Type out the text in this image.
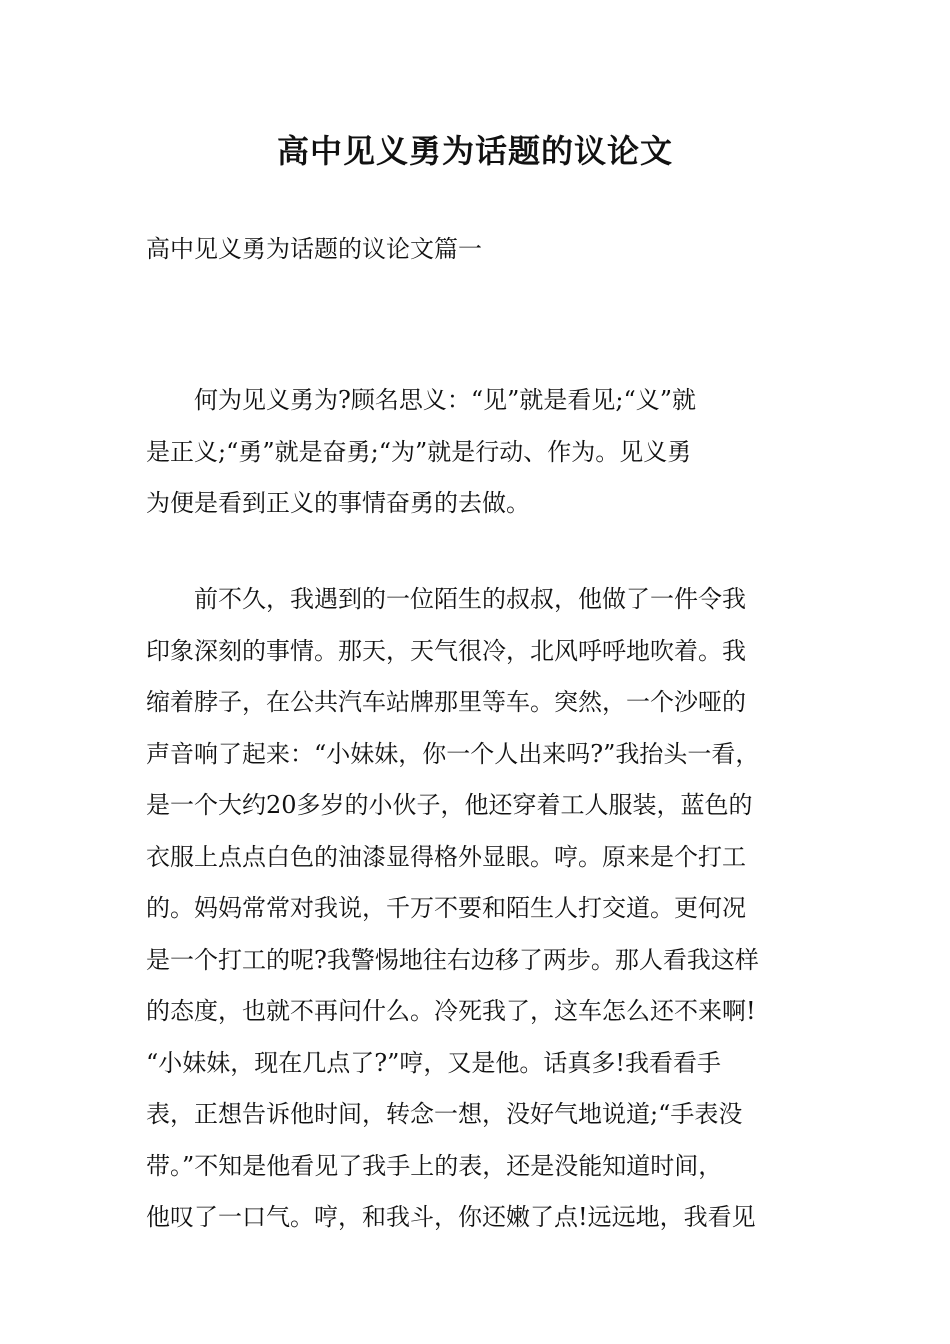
高中见义勇为话题的议论文
高中见义勇为话题的议论文篇一
　　何为见义勇为?顾名思义：“见”就是看见;“义”就
是正义;“勇”就是奋勇;“为”就是行动、作为。见义勇
为便是看到正义的事情奋勇的去做。
　　前不久，我遇到的一位陌生的叔叔，他做了一件令我
印象深刻的事情。那天，天气很冷，北风呼呼地吹着。我
缩着脖子，在公共汽车站牌那里等车。突然，一个沙哑的
声音响了起来：“小妹妹，你一个人出来吗?”我抬头一看，
是一个大约20多岁的小伙子，他还穿着工人服装，蓝色的
衣服上点点白色的油漆显得格外显眼。哼。原来是个打工
的。妈妈常常对我说，千万不要和陌生人打交道。更何况
是一个打工的呢?我警惕地往右边移了两步。那人看我这样
的态度，也就不再问什么。冷死我了，这车怎么还不来啊!
“小妹妹，现在几点了?”哼，又是他。话真多!我看看手
表，正想告诉他时间，转念一想，没好气地说道;“手表没
带。”不知是他看见了我手上的表，还是没能知道时间，
他叹了一口气。哼，和我斗，你还嫩了点!远远地，我看见
